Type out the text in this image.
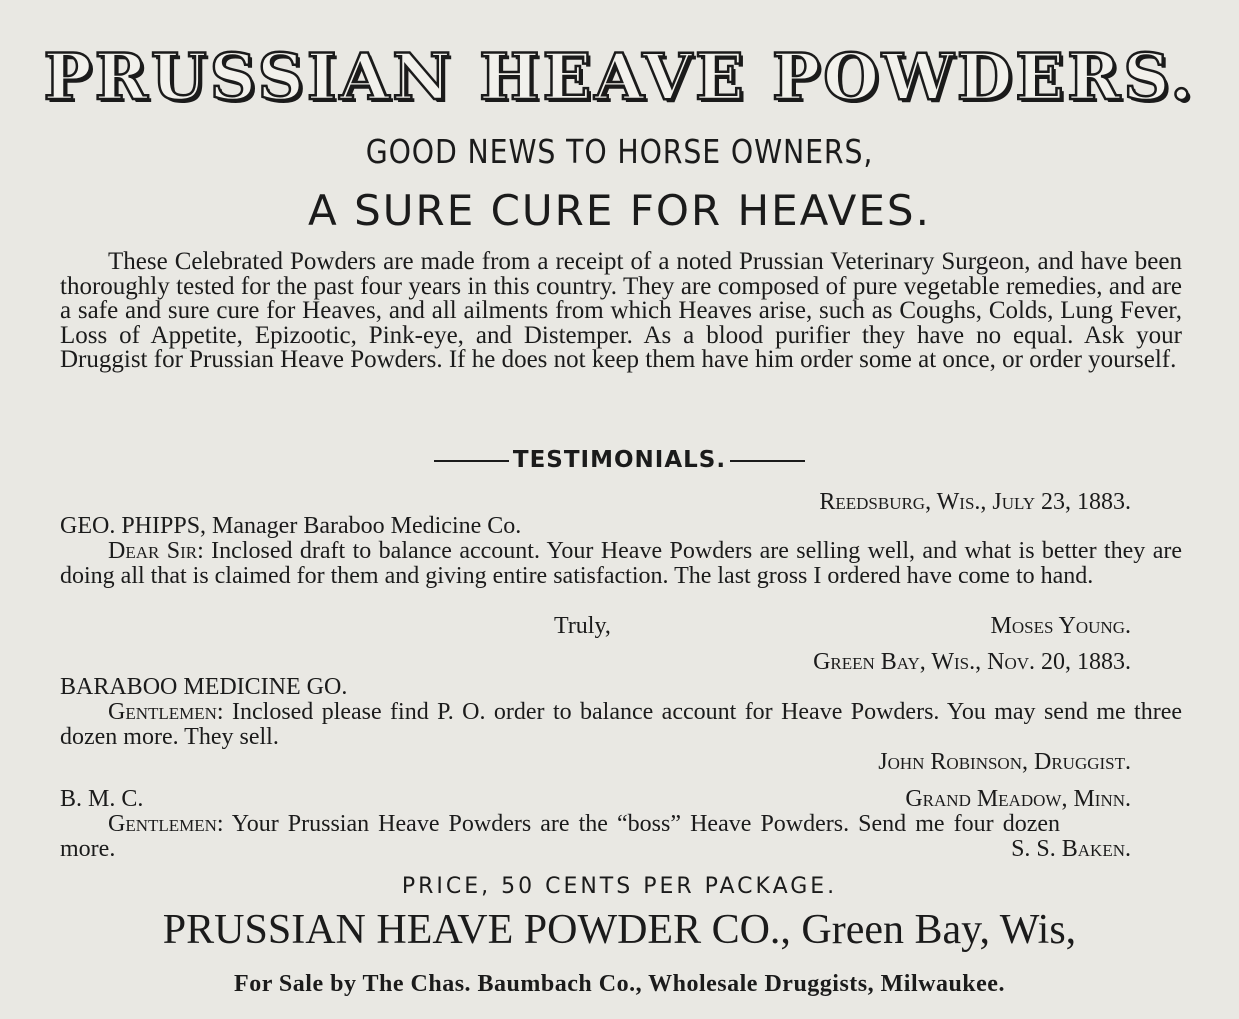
PRUSSIAN HEAVE POWDERS.
GOOD NEWS TO HORSE OWNERS,
A SURE CURE FOR HEAVES.
These Celebrated Powders are made from a receipt of a noted Prussian Veterinary Surgeon, and have been thoroughly tested for the past four years in this country. They are composed of pure vegetable remedies, and are a safe and sure cure for Heaves, and all ailments from which Heaves arise, such as Coughs, Colds, Lung Fever, Loss of Appetite, Epizootic, Pink-eye, and Distemper. As a blood purifier they have no equal. Ask your Druggist for Prussian Heave Powders. If he does not keep them have him order some at once, or order yourself.
TESTIMONIALS.
Reedsburg, Wis., July 23, 1883.
GEO. PHIPPS, Manager Baraboo Medicine Co.
Dear Sir: Inclosed draft to balance account. Your Heave Powders are selling well, and what is better they are doing all that is claimed for them and giving entire satisfaction. The last gross I ordered have come to hand.
Truly,	Moses Young.
Green Bay, Wis., Nov. 20, 1883.
BARABOO MEDICINE GO.
Gentlemen: Inclosed please find P. O. order to balance account for Heave Powders. You may send me three dozen more. They sell.
John Robinson, Druggist.
B. M. C.	Grand Meadow, Minn.
Gentlemen: Your Prussian Heave Powders are the “boss” Heave Powders. Send me four dozen more.	S. S. Baken.
PRICE, 50 CENTS PER PACKAGE.
PRUSSIAN HEAVE POWDER CO., Green Bay, Wis,
For Sale by The Chas. Baumbach Co., Wholesale Druggists, Milwaukee.
